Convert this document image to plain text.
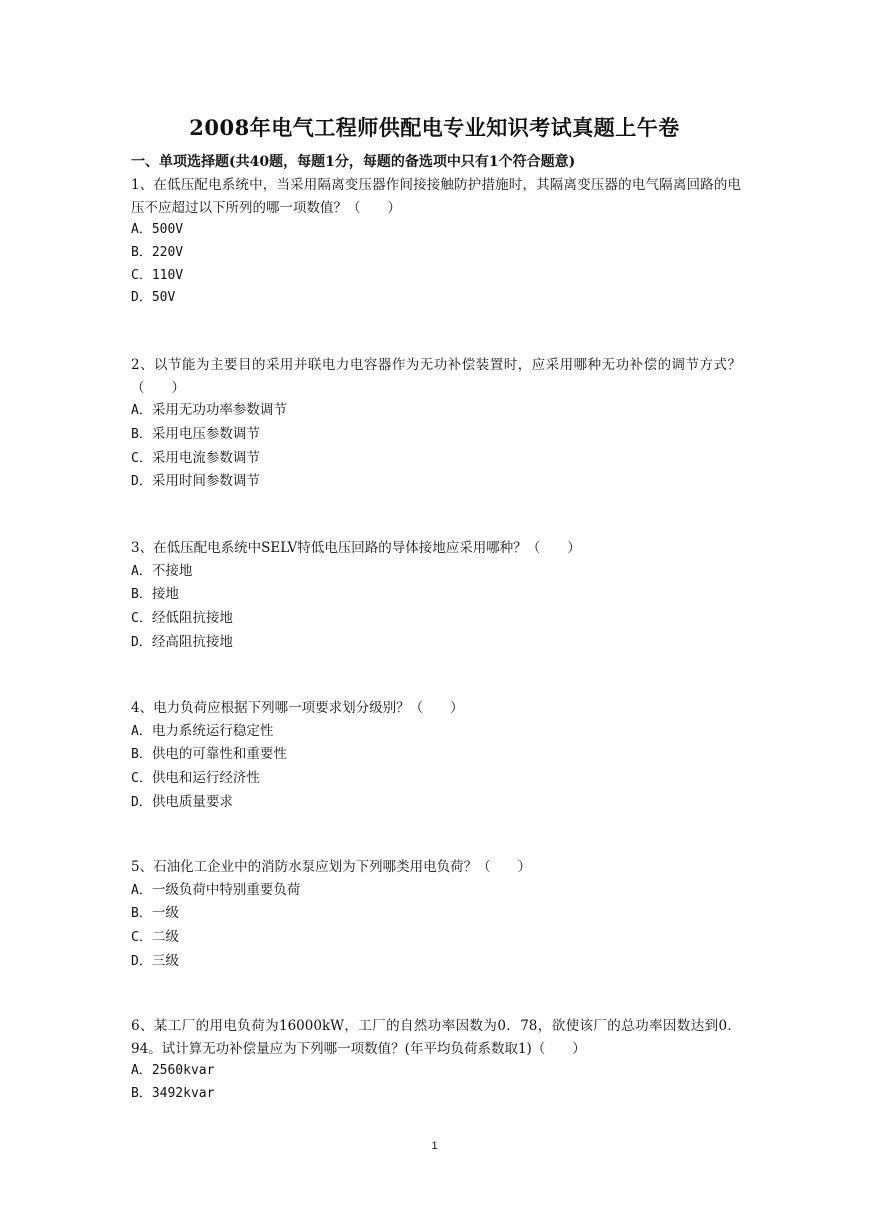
2008年电气工程师供配电专业知识考试真题上午卷
一、单项选择题(共40题，每题1分，每题的备选项中只有1个符合题意)

1、在低压配电系统中，当采用隔离变压器作间接接触防护措施时，其隔离变压器的电气隔离回路的电压不应超过以下所列的哪一项数值？（　　）

A．500V
B．220V
C．110V
D．50V

2、以节能为主要目的采用并联电力电容器作为无功补偿装置时，应采用哪种无功补偿的调节方式？（　　）

A．采用无功功率参数调节
B．采用电压参数调节
C．采用电流参数调节
D．采用时间参数调节

3、在低压配电系统中SELV特低电压回路的导体接地应采用哪种？（　　）

A．不接地
B．接地
C．经低阻抗接地
D．经高阻抗接地

4、电力负荷应根据下列哪一项要求划分级别？（　　）

A．电力系统运行稳定性
B．供电的可靠性和重要性
C．供电和运行经济性
D．供电质量要求

5、石油化工企业中的消防水泵应划为下列哪类用电负荷？（　　）

A．一级负荷中特别重要负荷
B．一级
C．二级
D．三级

6、某工厂的用电负荷为16000kW，工厂的自然功率因数为0．78，欲使该厂的总功率因数达到0．94。试计算无功补偿量应为下列哪一项数值？(年平均负荷系数取1)（　　）

A．2560kvar
B．3492kvar
1
